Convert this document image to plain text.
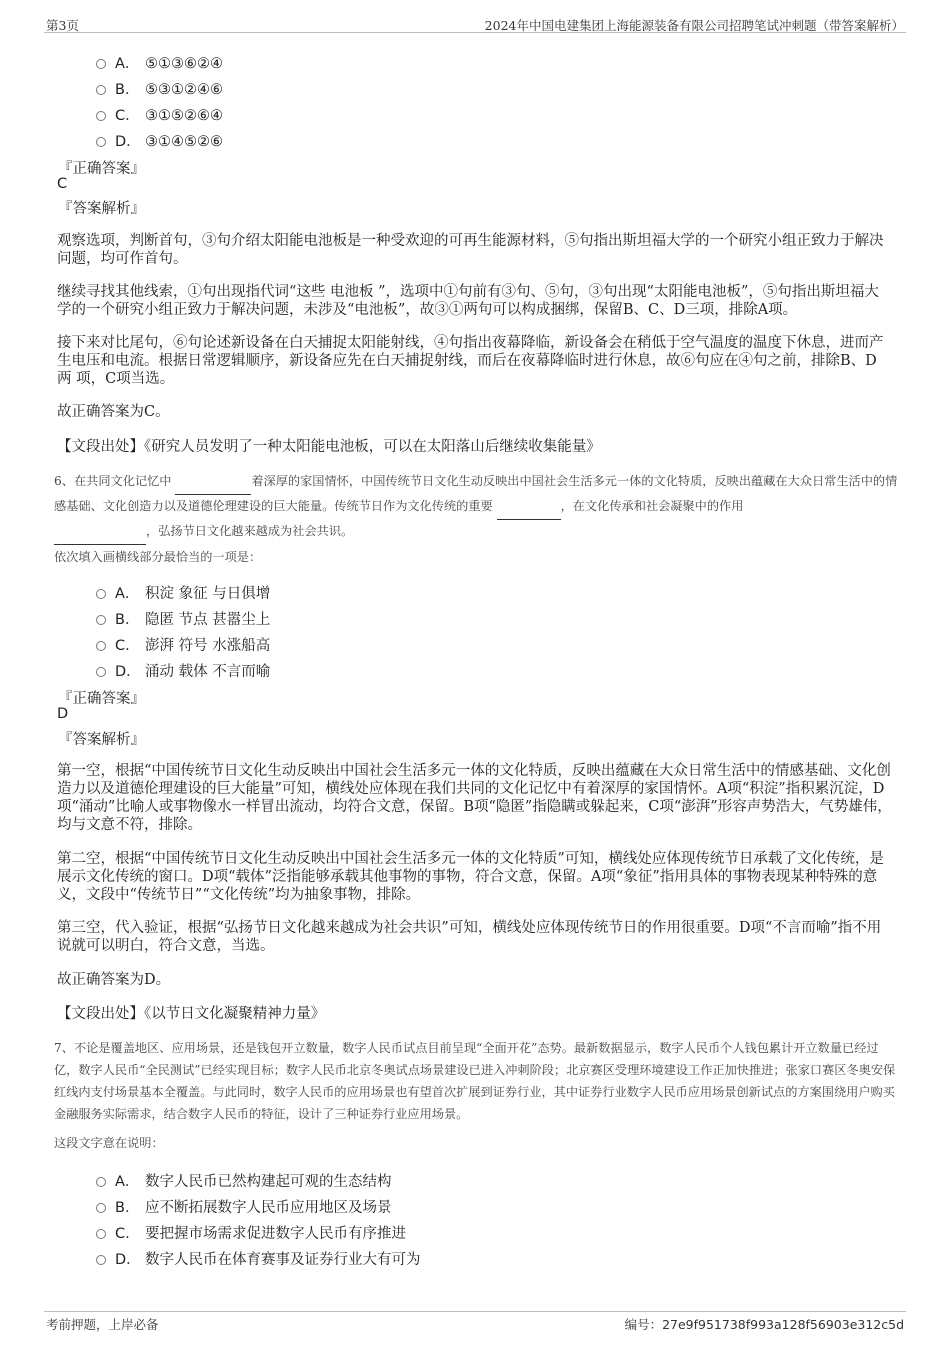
第3页	2024年中国电建集团上海能源装备有限公司招聘笔试冲刺题（带答案解析）
A． ⑤①③⑥②④
B． ⑤③①②④⑥
C． ③①⑤②⑥④
D． ③①④⑤②⑥
『正确答案』
C
『答案解析』
观察选项，判断首句，③句介绍太阳能电池板是一种受欢迎的可再生能源材料，⑤句指出斯坦福大学的一个研究小组正致力于解决问题，均可作首句。
继续寻找其他线索，①句出现指代词“这些 电池板 ”，选项中①句前有③句、⑤句，③句出现“太阳能电池板”，⑤句指出斯坦福大学的一个研究小组正致力于解决问题，未涉及“电池板”，故③①两句可以构成捆绑，保留B、C、D三项，排除A项。
接下来对比尾句，⑥句论述新设备在白天捕捉太阳能射线，④句指出夜幕降临，新设备会在稍低于空气温度的温度下休息，进而产生电压和电流。根据日常逻辑顺序，新设备应先在白天捕捉射线，而后在夜幕降临时进行休息，故⑥句应在④句之前，排除B、D 两 项，C项当选。
故正确答案为C。
【文段出处】《研究人员发明了一种太阳能电池板，可以在太阳落山后继续收集能量》
6、在共同文化记忆中	着深厚的家国情怀，中国传统节日文化生动反映出中国社会生活多元一体的文化特质，反映出蕴藏在大众日常生活中的情感基础、文化创造力以及道德伦理建设的巨大能量。传统节日作为文化传统的重要	，在文化传承和社会凝聚中的作用
，弘扬节日文化越来越成为社会共识。
依次填入画横线部分最恰当的一项是：
A． 积淀 象征 与日俱增
B． 隐匿 节点 甚嚣尘上
C． 澎湃 符号 水涨船高
D． 涌动 载体 不言而喻
『正确答案』
D
『答案解析』
第一空，根据“中国传统节日文化生动反映出中国社会生活多元一体的文化特质，反映出蕴藏在大众日常生活中的情感基础、文化创造力以及道德伦理建设的巨大能量”可知，横线处应体现在我们共同的文化记忆中有着深厚的家国情怀。A项“积淀”指积累沉淀，D项“涌动”比喻人或事物像水一样冒出流动，均符合文意，保留。B项“隐匿”指隐瞒或躲起来，C项“澎湃”形容声势浩大，气势雄伟，均与文意不符，排除。
第二空，根据“中国传统节日文化生动反映出中国社会生活多元一体的文化特质”可知，横线处应体现传统节日承载了文化传统，是展示文化传统的窗口。D项“载体”泛指能够承载其他事物的事物，符合文意，保留。A项“象征”指用具体的事物表现某种特殊的意义，文段中“传统节日”“文化传统”均为抽象事物，排除。
第三空，代入验证，根据“弘扬节日文化越来越成为社会共识”可知，横线处应体现传统节日的作用很重要。D项“不言而喻”指不用说就可以明白，符合文意，当选。
故正确答案为D。
【文段出处】《以节日文化凝聚精神力量》
7、不论是覆盖地区、应用场景，还是钱包开立数量，数字人民币试点目前呈现“全面开花”态势。最新数据显示，数字人民币个人钱包累计开立数量已经过亿，数字人民币“全民测试”已经实现目标；数字人民币北京冬奥试点场景建设已进入冲刺阶段；北京赛区受理环境建设工作正加快推进；张家口赛区冬奥安保红线内支付场景基本全覆盖。与此同时，数字人民币的应用场景也有望首次扩展到证券行业，其中证券行业数字人民币应用场景创新试点的方案围绕用户购买金融服务实际需求，结合数字人民币的特征，设计了三种证券行业应用场景。
这段文字意在说明：
A． 数字人民币已然构建起可观的生态结构
B． 应不断拓展数字人民币应用地区及场景
C． 要把握市场需求促进数字人民币有序推进
D． 数字人民币在体育赛事及证券行业大有可为
考前押题，上岸必备	编号：27e9f951738f993a128f56903e312c5d
